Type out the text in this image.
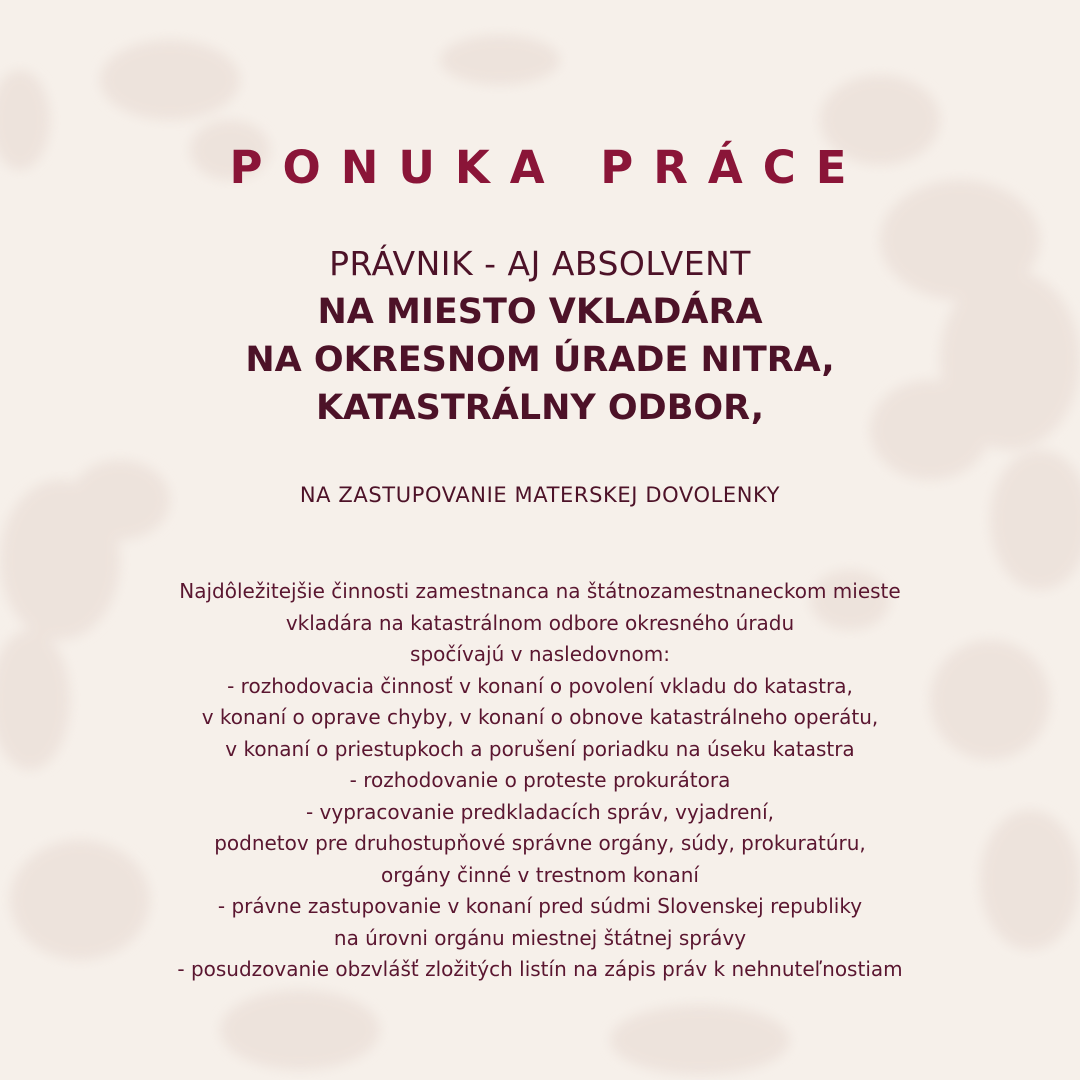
PONUKA PRÁCE
PRÁVNIK - AJ ABSOLVENT
NA MIESTO VKLADÁRA
NA OKRESNOM ÚRADE NITRA,
KATASTRÁLNY ODBOR,
NA ZASTUPOVANIE MATERSKEJ DOVOLENKY
Najdôležitejšie činnosti zamestnanca na štátnozamestnaneckom mieste
vkladára na katastrálnom odbore okresného úradu
spočívajú v nasledovnom:
- rozhodovacia činnosť v konaní o povolení vkladu do katastra,
v konaní o oprave chyby, v konaní o obnove katastrálneho operátu,
v konaní o priestupkoch a porušení poriadku na úseku katastra
- rozhodovanie o proteste prokurátora
- vypracovanie predkladacích správ, vyjadrení,
podnetov pre druhostupňové správne orgány, súdy, prokuratúru,
orgány činné v trestnom konaní
- právne zastupovanie v konaní pred súdmi Slovenskej republiky
na úrovni orgánu miestnej štátnej správy
- posudzovanie obzvlášť zložitých listín na zápis práv k nehnuteľnostiam
